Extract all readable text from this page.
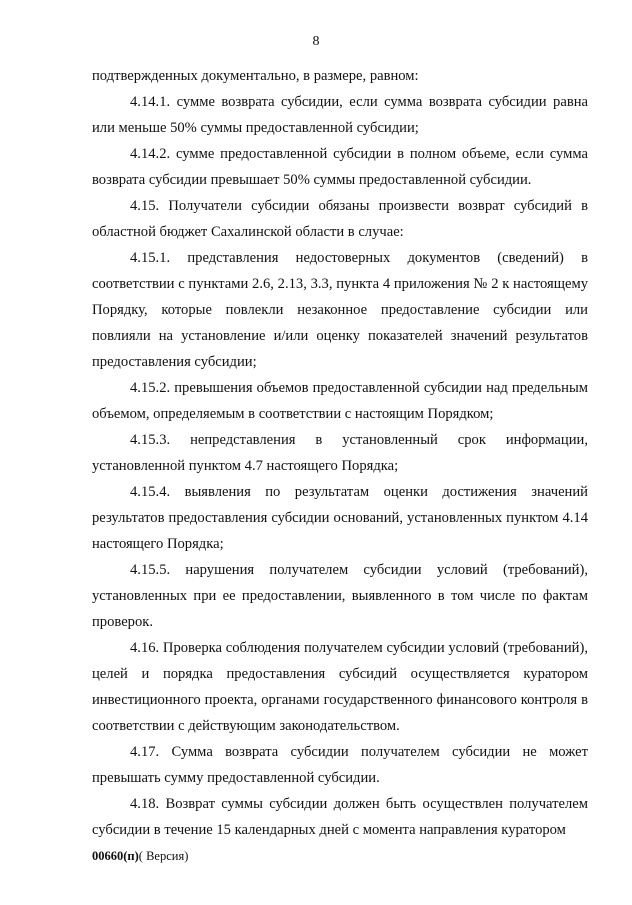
8

подтвержденных документально, в размере, равном:

4.14.1. сумме возврата субсидии, если сумма возврата субсидии равна или меньше 50% суммы предоставленной субсидии;

4.14.2. сумме предоставленной субсидии в полном объеме, если сумма возврата субсидии превышает 50% суммы предоставленной субсидии.

4.15. Получатели субсидии обязаны произвести возврат субсидий в областной бюджет Сахалинской области в случае:

4.15.1. представления недостоверных документов (сведений) в соответствии с пунктами 2.6, 2.13, 3.3, пункта 4 приложения № 2 к настоящему Порядку, которые повлекли незаконное предоставление субсидии или повлияли на установление и/или оценку показателей значений результатов предоставления субсидии;

4.15.2. превышения объемов предоставленной субсидии над предельным объемом, определяемым в соответствии с настоящим Порядком;

4.15.3. непредставления в установленный срок информации, установленной пунктом 4.7 настоящего Порядка;

4.15.4. выявления по результатам оценки достижения значений результатов предоставления субсидии оснований, установленных пунктом 4.14 настоящего Порядка;

4.15.5. нарушения получателем субсидии условий (требований), установленных при ее предоставлении, выявленного в том числе по фактам проверок.

4.16. Проверка соблюдения получателем субсидии условий (требований), целей и порядка предоставления субсидий осуществляется куратором инвестиционного проекта, органами государственного финансового контроля в соответствии с действующим законодательством.

4.17. Сумма возврата субсидии получателем субсидии не может превышать сумму предоставленной субсидии.

4.18. Возврат суммы субсидии должен быть осуществлен получателем субсидии в течение 15 календарных дней с момента направления куратором

00660(п)( Версия)
